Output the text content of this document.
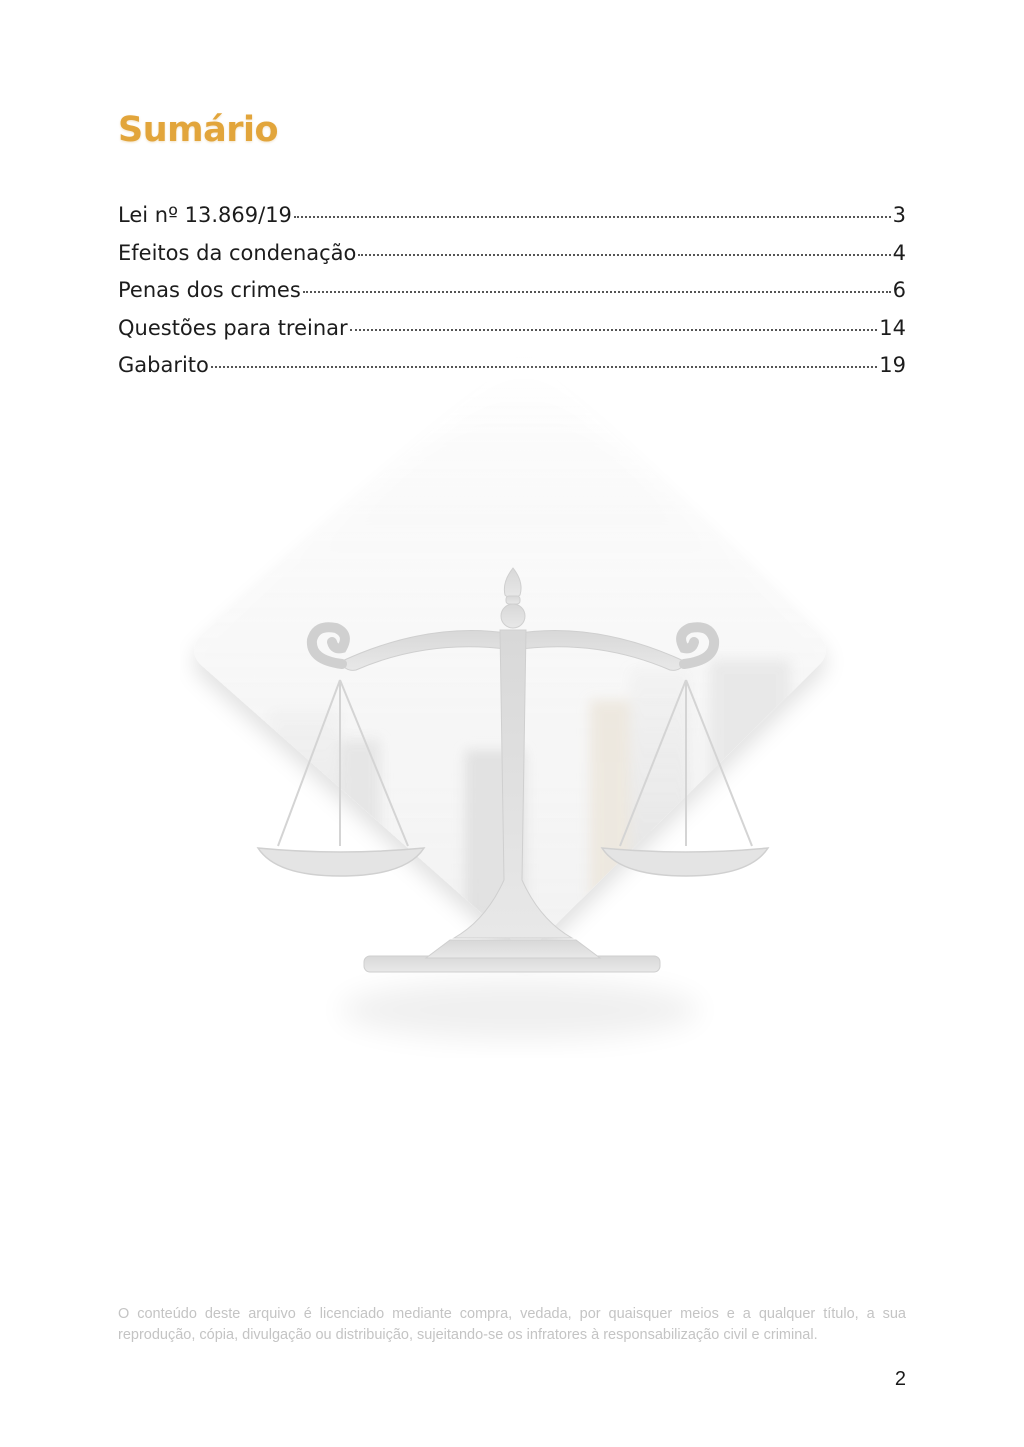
Sumário
Lei nº 13.869/19	3
Efeitos da condenação	4
Penas dos crimes	6
Questões para treinar	14
Gabarito	19
O conteúdo deste arquivo é licenciado mediante compra, vedada, por quaisquer meios e a qualquer título, a sua reprodução, cópia, divulgação ou distribuição, sujeitando-se os infratores à responsabilização civil e criminal.
2
